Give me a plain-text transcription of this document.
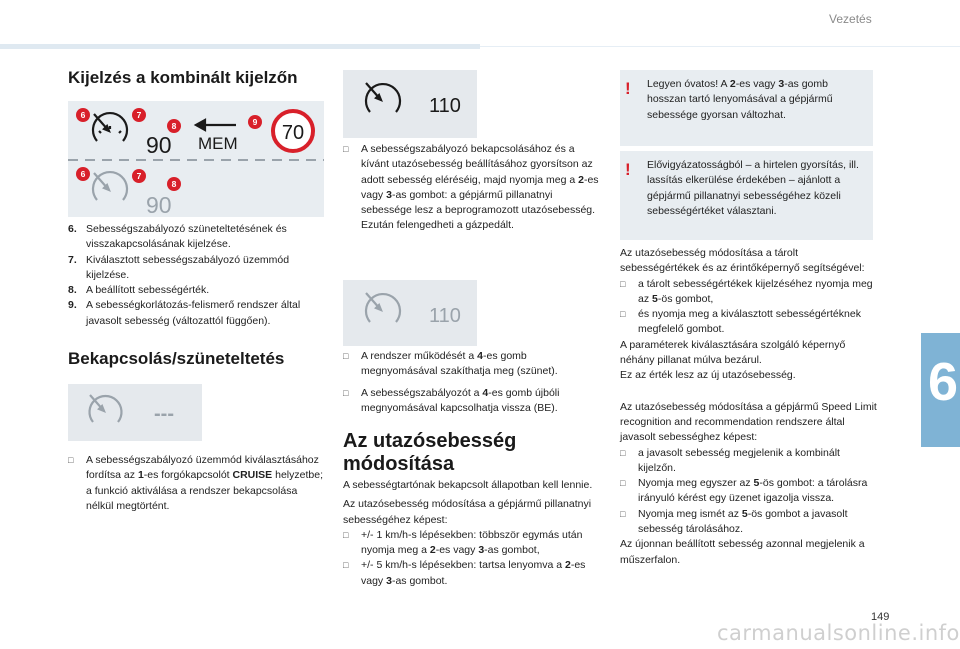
Vezetés
6
Kijelzés a kombinált kijelzőn
90 MEM 70
90
6	7
8	9
6	7
8
6. Sebességszabályozó szüneteltetésének és visszakapcsolásának kijelzése.
7. Kiválasztott sebességszabályozó üzemmód kijelzése.
8. A beállított sebességérték.
9. A sebességkorlátozás-felismerő rendszer által javasolt sebesség (változattól függően).
Bekapcsolás/szüneteltetés
---
□ A sebességszabályozó üzemmód kiválasztásához fordítsa az 1-es forgókapcsolót CRUISE helyzetbe; a funkció aktiválása a rendszer bekapcsolása nélkül megtörtént.
110
□ A sebességszabályozó bekapcsolásához és a kívánt utazósebesség beállításához gyorsítson az adott sebesség eléréséig, majd nyomja meg a 2-es vagy 3-as gombot: a gépjármű pillanatnyi sebessége lesz a beprogramozott utazósebesség.
Ezután felengedheti a gázpedált.
110
□ A rendszer működését a 4-es gomb megnyomásával szakíthatja meg (szünet).
□ A sebességszabályozót a 4-es gomb újbóli megnyomásával kapcsolhatja vissza (BE).
Az utazósebesség módosítása
A sebességtartónak bekapcsolt állapotban kell lennie.
Az utazósebesség módosítása a gépjármű pillanatnyi sebességéhez képest:
□ +/- 1 km/h-s lépésekben: többször egymás után nyomja meg a 2-es vagy 3-as gombot,
□ +/- 5 km/h-s lépésekben: tartsa lenyomva a 2-es vagy 3-as gombot.
! Legyen óvatos! A 2-es vagy 3-as gomb hosszan tartó lenyomásával a gépjármű sebessége gyorsan változhat.
! Elővigyázatosságból – a hirtelen gyorsítás, ill. lassítás elkerülése érdekében – ajánlott a gépjármű pillanatnyi sebességéhez közeli sebességértéket választani.
Az utazósebesség módosítása a tárolt sebességértékek és az érintőképernyő segítségével:
□ a tárolt sebességértékek kijelzéséhez nyomja meg az 5-ös gombot,
□ és nyomja meg a kiválasztott sebességértéknek megfelelő gombot.
A paraméterek kiválasztására szolgáló képernyő néhány pillanat múlva bezárul.
Ez az érték lesz az új utazósebesség.
Az utazósebesség módosítása a gépjármű Speed Limit recognition and recommendation rendszere által javasolt sebességhez képest:
□ a javasolt sebesség megjelenik a kombinált kijelzőn.
□ Nyomja meg egyszer az 5-ös gombot: a tárolásra irányuló kérést egy üzenet igazolja vissza.
□ Nyomja meg ismét az 5-ös gombot a javasolt sebesség tárolásához.
Az újonnan beállított sebesség azonnal megjelenik a műszerfalon.
149
carmanualsonline.info
